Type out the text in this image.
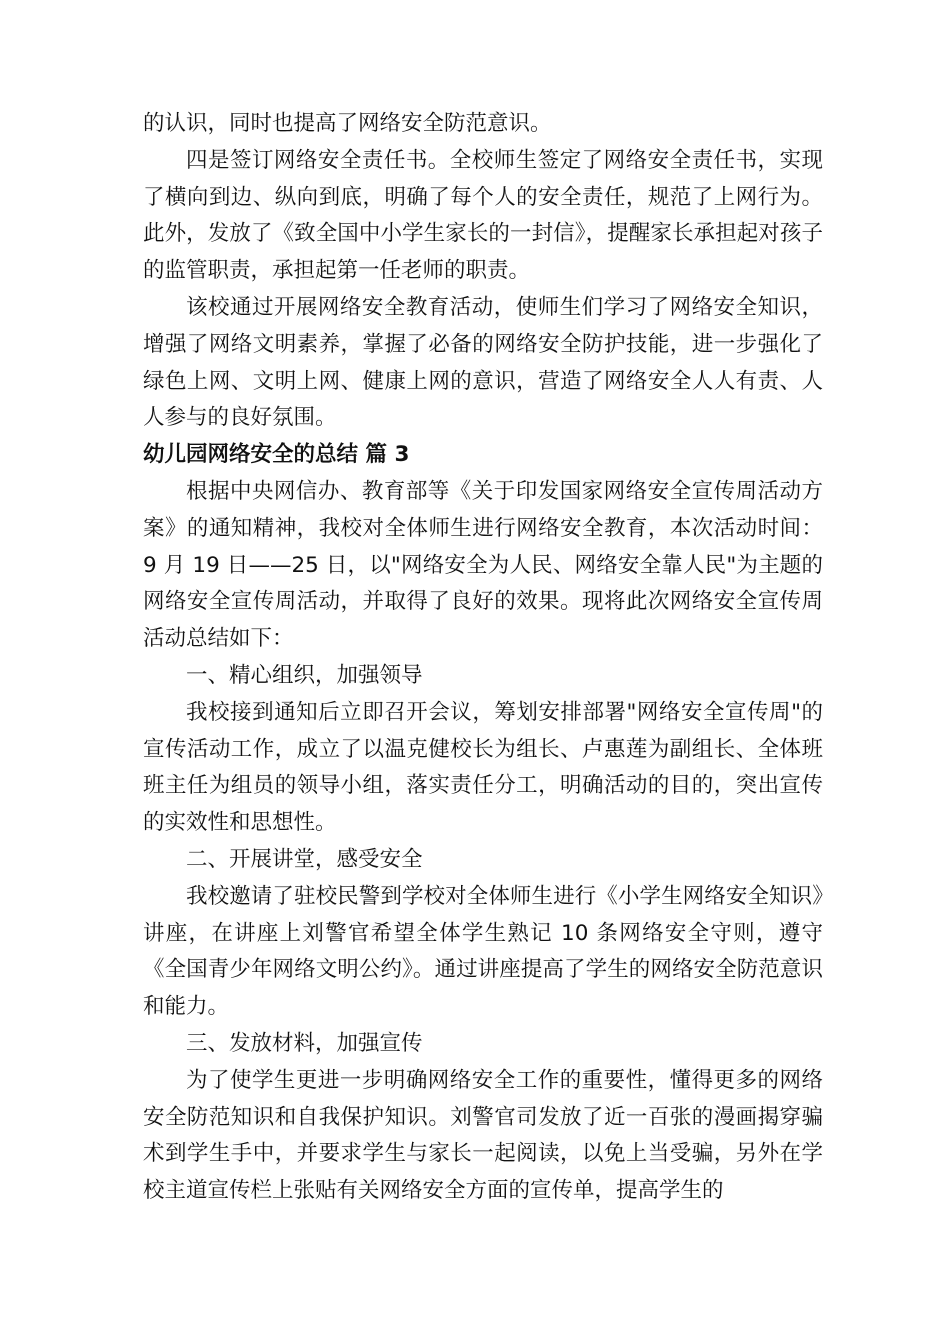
的认识，同时也提高了网络安全防范意识。

四是签订网络安全责任书。全校师生签定了网络安全责任书，实现了横向到边、纵向到底，明确了每个人的安全责任，规范了上网行为。此外，发放了《致全国中小学生家长的一封信》，提醒家长承担起对孩子的监管职责，承担起第一任老师的职责。

该校通过开展网络安全教育活动，使师生们学习了网络安全知识，增强了网络文明素养，掌握了必备的网络安全防护技能，进一步强化了绿色上网、文明上网、健康上网的意识，营造了网络安全人人有责、人人参与的良好氛围。

幼儿园网络安全的总结 篇 3

根据中央网信办、教育部等《关于印发国家网络安全宣传周活动方案》的通知精神，我校对全体师生进行网络安全教育，本次活动时间：9 月 19 日——25 日，以"网络安全为人民、网络安全靠人民"为主题的网络安全宣传周活动，并取得了良好的效果。现将此次网络安全宣传周活动总结如下：

一、精心组织，加强领导

我校接到通知后立即召开会议，筹划安排部署"网络安全宣传周"的宣传活动工作，成立了以温克健校长为组长、卢惠莲为副组长、全体班班主任为组员的领导小组，落实责任分工，明确活动的目的，突出宣传的实效性和思想性。

二、开展讲堂，感受安全

我校邀请了驻校民警到学校对全体师生进行《小学生网络安全知识》讲座，在讲座上刘警官希望全体学生熟记 10 条网络安全守则，遵守《全国青少年网络文明公约》。通过讲座提高了学生的网络安全防范意识和能力。

三、发放材料，加强宣传

为了使学生更进一步明确网络安全工作的重要性，懂得更多的网络安全防范知识和自我保护知识。刘警官司发放了近一百张的漫画揭穿骗术到学生手中，并要求学生与家长一起阅读，以免上当受骗，另外在学校主道宣传栏上张贴有关网络安全方面的宣传单，提高学生的
